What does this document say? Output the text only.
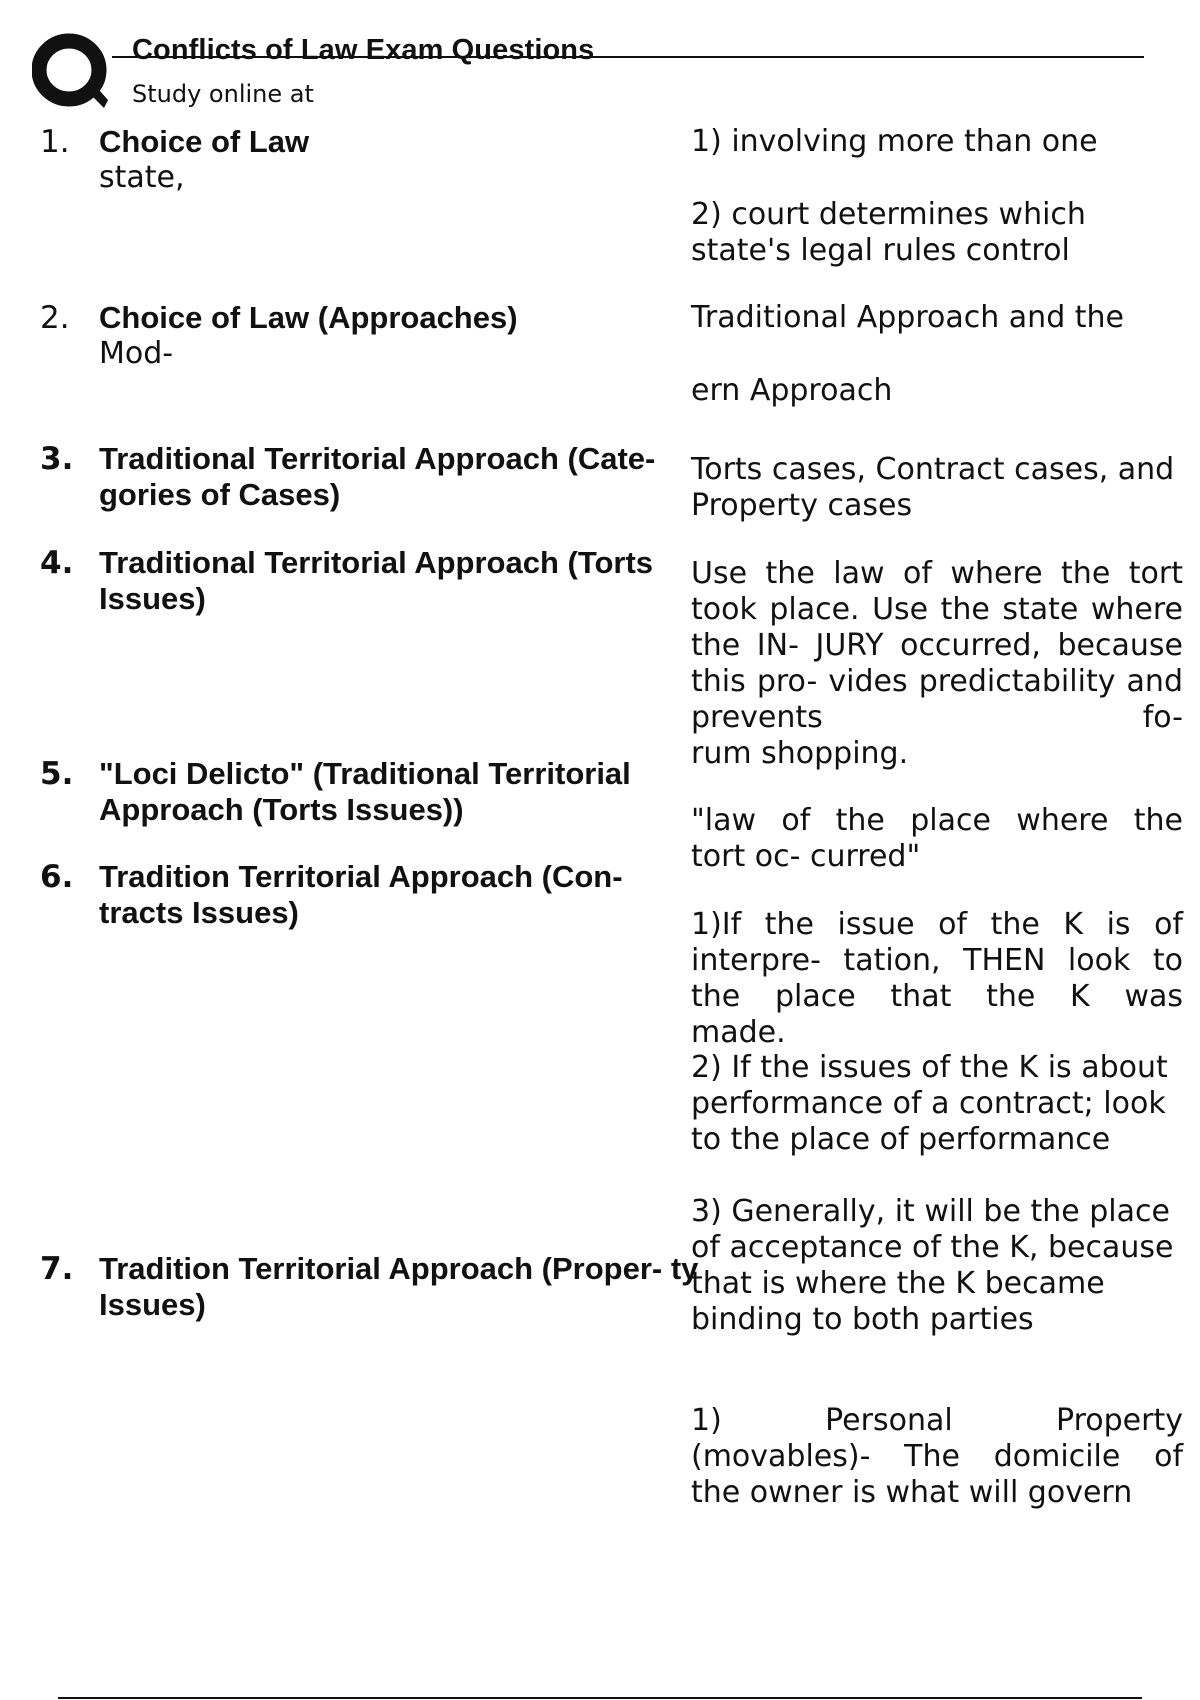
Conflicts of Law Exam Questions
Study online at
1. Choice of Law
state,
2. Choice of Law (Approaches)
Mod-
3. Traditional Territorial Approach (Cate- gories of Cases)
4. Traditional Territorial Approach (Torts Issues)
5. "Loci Delicto" (Traditional Territorial Approach (Torts Issues))
6. Tradition Territorial Approach (Con- tracts Issues)
7. Tradition Territorial Approach (Proper- ty Issues)

1) involving more than one

2) court determines which state's legal rules control

Traditional Approach and the

ern Approach

Torts cases, Contract cases, and Property cases

Use the law of where the tort took place. Use the state where the IN- JURY occurred, because this pro- vides predictability and prevents fo-
rum shopping.
"law of the place where the
tort oc- curred"
1)If the issue of the K is of interpre- tation, THEN look to the place that the K was
made.

2) If the issues of the K is about performance of a contract; look to the place of performance

3) Generally, it will be the place of acceptance of the K, because that is where the K became binding to both parties

1) Personal Property (movables)- The domicile of
the owner is what will govern
